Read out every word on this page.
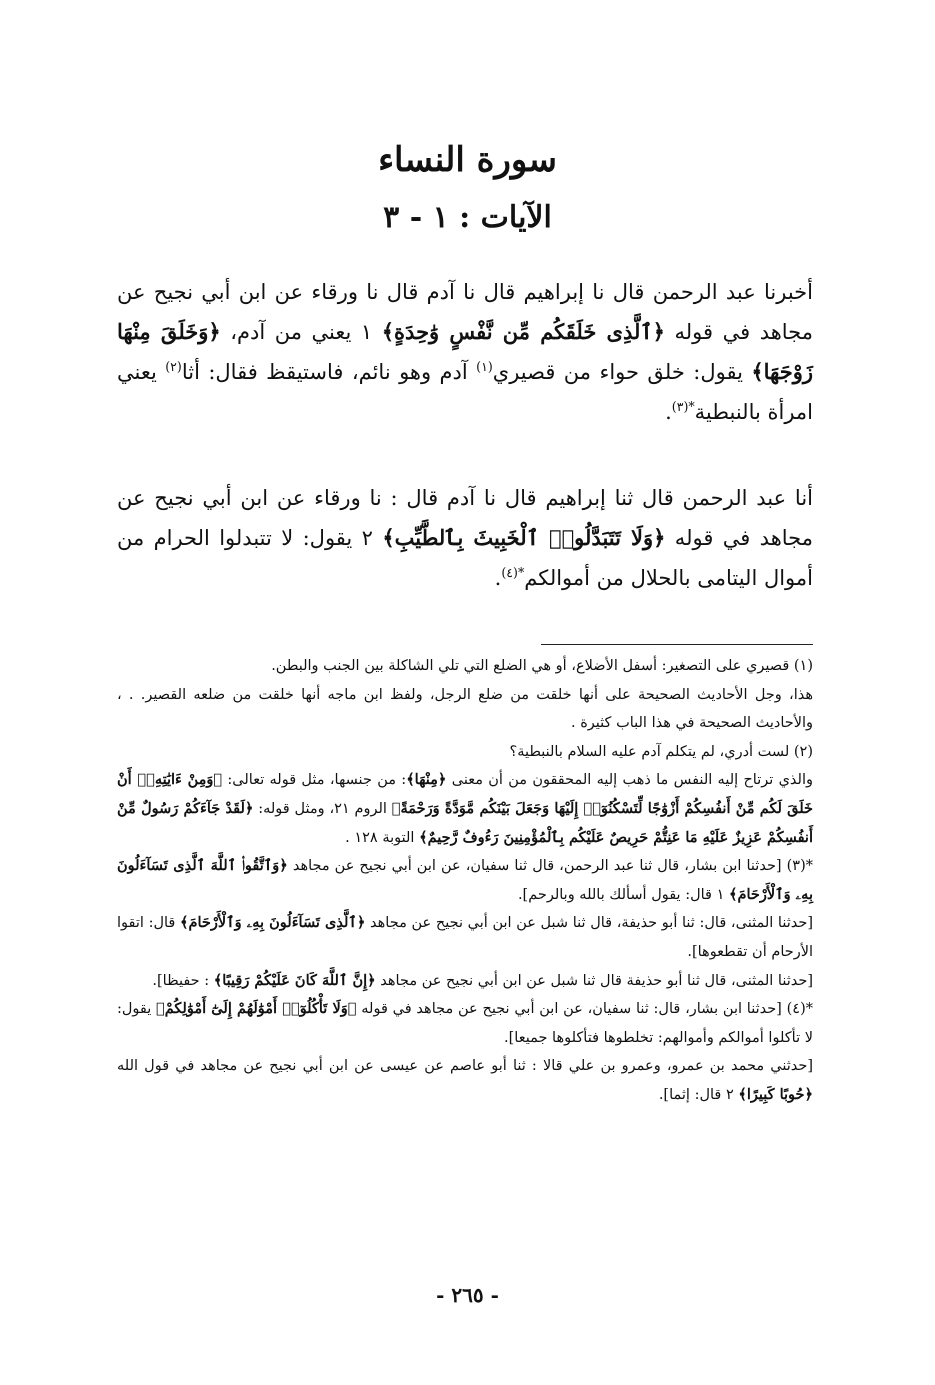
سورة النساء
الآيات : ١ - ٣
أخبرنا عبد الرحمن قال نا إبراهيم قال نا آدم قال نا ورقاء عن ابن أبي نجيح عن مجاهد في قوله ﴿ٱلَّذِى خَلَقَكُم مِّن نَّفْسٍ وَٰحِدَةٍ﴾ ١ يعني من آدم، ﴿وَخَلَقَ مِنْهَا زَوْجَهَا﴾ يقول: خلق حواء من قصيري$^{(١)}$ آدم وهو نائم، فاستيقظ فقال: أثا$^{(٢)}$ يعني امرأة بالنبطية$^{*(٣)}$.
أنا عبد الرحمن قال ثنا إبراهيم قال نا آدم قال : نا ورقاء عن ابن أبي نجيح عن مجاهد في قوله ﴿وَلَا تَتَبَدَّلُوا۟ ٱلْخَبِيثَ بِٱلطَّيِّبِ﴾ ٢ يقول: لا تتبدلوا الحرام من أموال اليتامى بالحلال من أموالكم$^{*(٤)}$.

(١) قصيري على التصغير: أسفل الأضلاع، أو هي الضلع التي تلي الشاكلة بين الجنب والبطن.

هذا، وجل الأحاديث الصحيحة على أنها خلقت من ضلع الرجل، ولفظ ابن ماجه أنها خلقت من ضلعه القصير. . ، والأحاديث الصحيحة في هذا الباب كثيرة .

(٢) لست أدري، لم يتكلم آدم عليه السلام بالنبطية؟

والذي ترتاح إليه النفس ما ذهب إليه المحققون من أن معنى ﴿مِنْهَا﴾: من جنسها، مثل قوله تعالى: ﴿وَمِنْ ءَايَٰتِهِۦٓ أَنْ خَلَقَ لَكُم مِّنْ أَنفُسِكُمْ أَزْوَٰجًا لِّتَسْكُنُوٓا۟ إِلَيْهَا وَجَعَلَ بَيْنَكُم مَّوَدَّةً وَرَحْمَةً﴾ الروم ٢١، ومثل قوله: ﴿لَقَدْ جَآءَكُمْ رَسُولٌ مِّنْ أَنفُسِكُمْ عَزِيزٌ عَلَيْهِ مَا عَنِتُّمْ حَرِيصٌ عَلَيْكُم بِٱلْمُؤْمِنِينَ رَءُوفٌ رَّحِيمٌ﴾ التوبة ١٢٨ .

*(٣) [حدثنا ابن بشار، قال ثنا عبد الرحمن، قال ثنا سفيان، عن ابن أبي نجيح عن مجاهد ﴿وَٱتَّقُوا۟ ٱللَّهَ ٱلَّذِى تَسَآءَلُونَ بِهِۦ وَٱلْأَرْحَامَ﴾ ١ قال: يقول أسألك بالله وبالرحم].

[حدثنا المثنى، قال: ثنا أبو حذيفة، قال ثنا شبل عن ابن أبي نجيح عن مجاهد ﴿ٱلَّذِى تَسَآءَلُونَ بِهِۦ وَٱلْأَرْحَامَ﴾ قال: اتقوا الأرحام أن تقطعوها].

[حدثنا المثنى، قال ثنا أبو حذيفة قال ثنا شبل عن ابن أبي نجيح عن مجاهد ﴿إِنَّ ٱللَّهَ كَانَ عَلَيْكُمْ رَقِيبًا﴾ : حفيظا].

*(٤) [حدثنا ابن بشار، قال: ثنا سفيان، عن ابن أبي نجيح عن مجاهد في قوله ﴿وَلَا تَأْكُلُوٓا۟ أَمْوَٰلَهُمْ إِلَىٰٓ أَمْوَٰلِكُمْ﴾ يقول: لا تأكلوا أموالكم وأموالهم: تخلطوها فتأكلوها جميعا].

[حدثني محمد بن عمرو، وعمرو بن علي قالا : ثنا أبو عاصم عن عيسى عن ابن أبي نجيح عن مجاهد في قول الله ﴿حُوبًا كَبِيرًا﴾ ٢ قال: إثما].

- ٢٦٥ -
